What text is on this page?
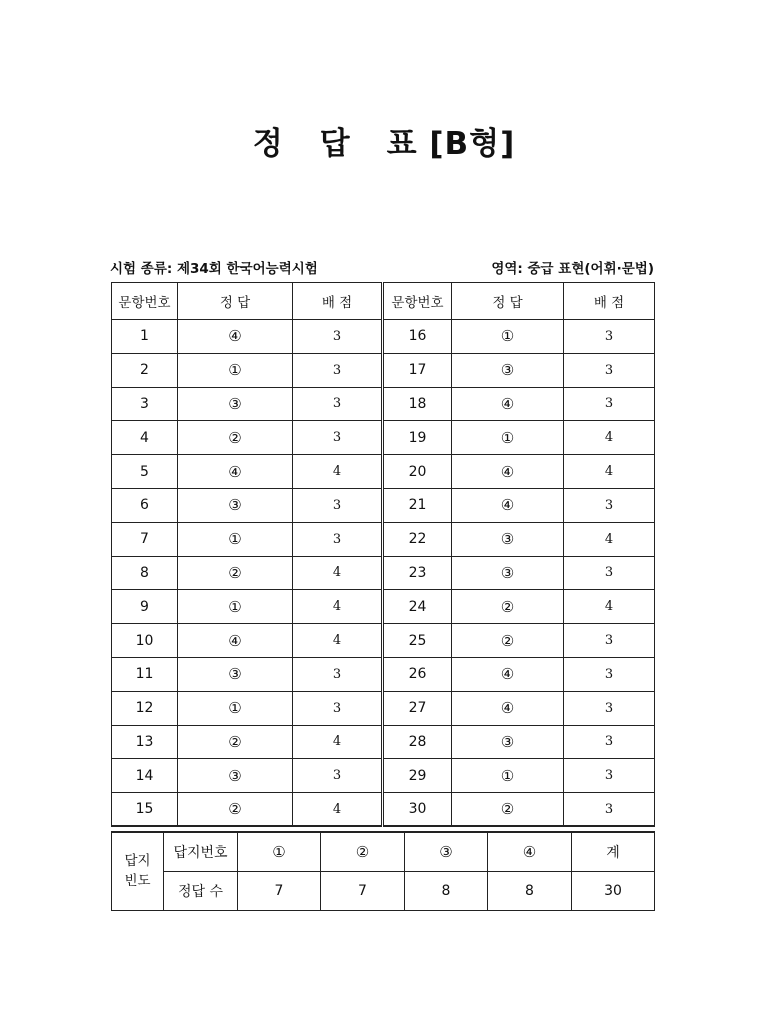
정 답 표 [B형]
시험 종류: 제34회 한국어능력시험	영역: 중급 표현(어휘·문법)
문항번호	정 답	배 점	문항번호	정 답	배 점
1	④	3	16	①	3
2	①	3	17	③	3
3	③	3	18	④	3
4	②	3	19	①	4
5	④	4	20	④	4
6	③	3	21	④	3
7	①	3	22	③	4
8	②	4	23	③	3
9	①	4	24	②	4
10	④	4	25	②	3
11	③	3	26	④	3
12	①	3	27	④	3
13	②	4	28	③	3
14	③	3	29	①	3
15	②	4	30	②	3
답지
빈도	답지번호	①	②	③	④	계
	정답 수	7	7	8	8	30
